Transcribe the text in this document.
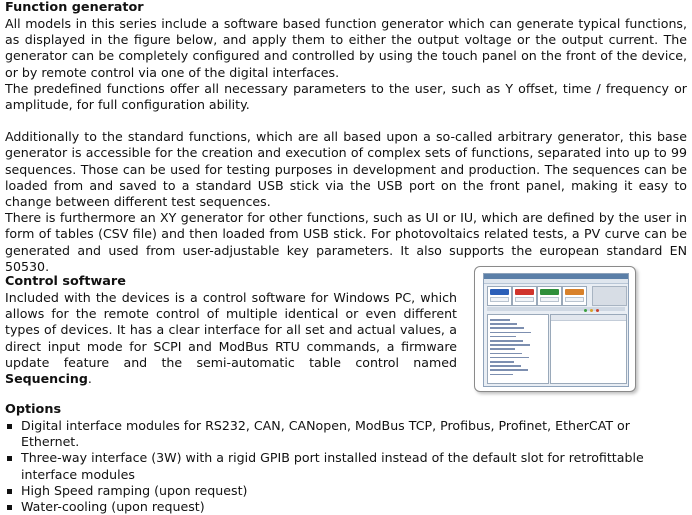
Function generator

All models in this series include a software based function generator which can generate typical functions, as displayed in the figure below, and apply them to either the output voltage or the output current. The generator can be completely configured and controlled by using the touch panel on the front of the device, or by remote control via one of the digital interfaces.

The predefined functions offer all necessary parameters to the user, such as Y offset, time / frequency or amplitude, for full configuration ability.

Additionally to the standard functions, which are all based upon a so-called arbitrary generator, this base generator is accessible for the creation and execution of complex sets of functions, separated into up to 99 sequences. Those can be used for testing purposes in development and production. The sequences can be loaded from and saved to a standard USB stick via the USB port on the front panel, making it easy to change between different test sequences.

There is furthermore an XY generator for other functions, such as UI or IU, which are defined by the user in form of tables (CSV file) and then loaded from USB stick. For photovoltaics related tests, a PV curve can be generated and used from user-adjustable key parameters. It also supports the european standard EN 50530.

Control software

Included with the devices is a control software for Windows PC, which allows for the remote control of multiple identical or even different types of devices. It has a clear interface for all set and actual values, a direct input mode for SCPI and ModBus RTU commands, a firmware update feature and the semi-automatic table control named Sequencing.

Options
Digital interface modules for RS232, CAN, CANopen, ModBus TCP, Profibus, Profinet, EtherCAT or Ethernet.
Three-way interface (3W) with a rigid GPIB port installed instead of the default slot for retrofittable interface modules
High Speed ramping (upon request)
Water-cooling (upon request)
